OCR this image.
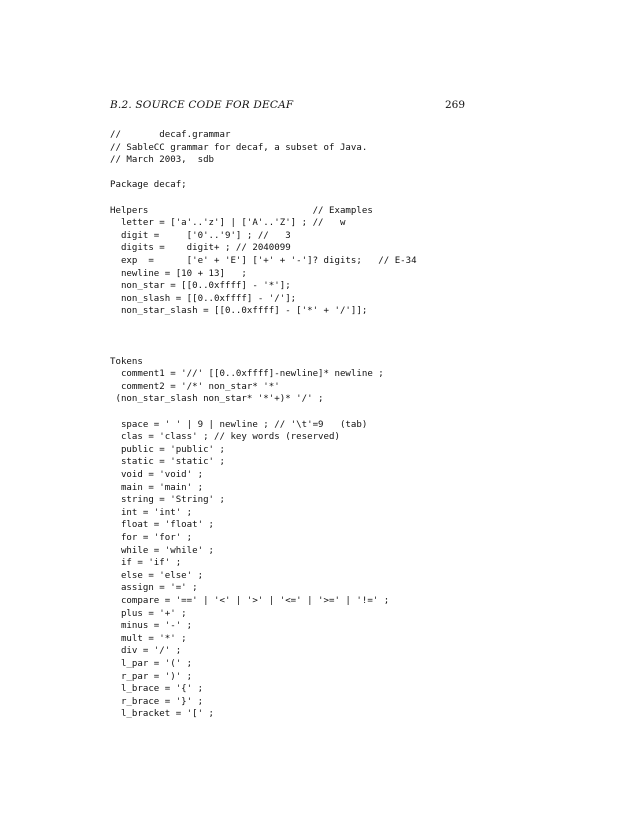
B.2. SOURCE CODE FOR DECAF	269
//       decaf.grammar
// SableCC grammar for decaf, a subset of Java.
// March 2003,  sdb
Package decaf;
Helpers                              // Examples
letter = ['a'..'z'] | ['A'..'Z'] ; //   w
digit =     ['0'..'9'] ; //   3
digits =    digit+ ; // 2040099
exp  =      ['e' + 'E'] ['+' + '-']? digits;   // E-34
newline = [10 + 13]   ;
non_star = [[0..0xffff] - '*'];
non_slash = [[0..0xffff] - '/'];
non_star_slash = [[0..0xffff] - ['*' + '/']];
Tokens
comment1 = '//' [[0..0xffff]-newline]* newline ;
comment2 = '/*' non_star* '*'
(non_star_slash non_star* '*'+)* '/' ;
space = ' ' | 9 | newline ; // '\t'=9   (tab)
clas = 'class' ; // key words (reserved)
public = 'public' ;
static = 'static' ;
void = 'void' ;
main = 'main' ;
string = 'String' ;
int = 'int' ;
float = 'float' ;
for = 'for' ;
while = 'while' ;
if = 'if' ;
else = 'else' ;
assign = '=' ;
compare = '==' | '<' | '>' | '<=' | '>=' | '!=' ;
plus = '+' ;
minus = '-' ;
mult = '*' ;
div = '/' ;
l_par = '(' ;
r_par = ')' ;
l_brace = '{' ;
r_brace = '}' ;
l_bracket = '[' ;
